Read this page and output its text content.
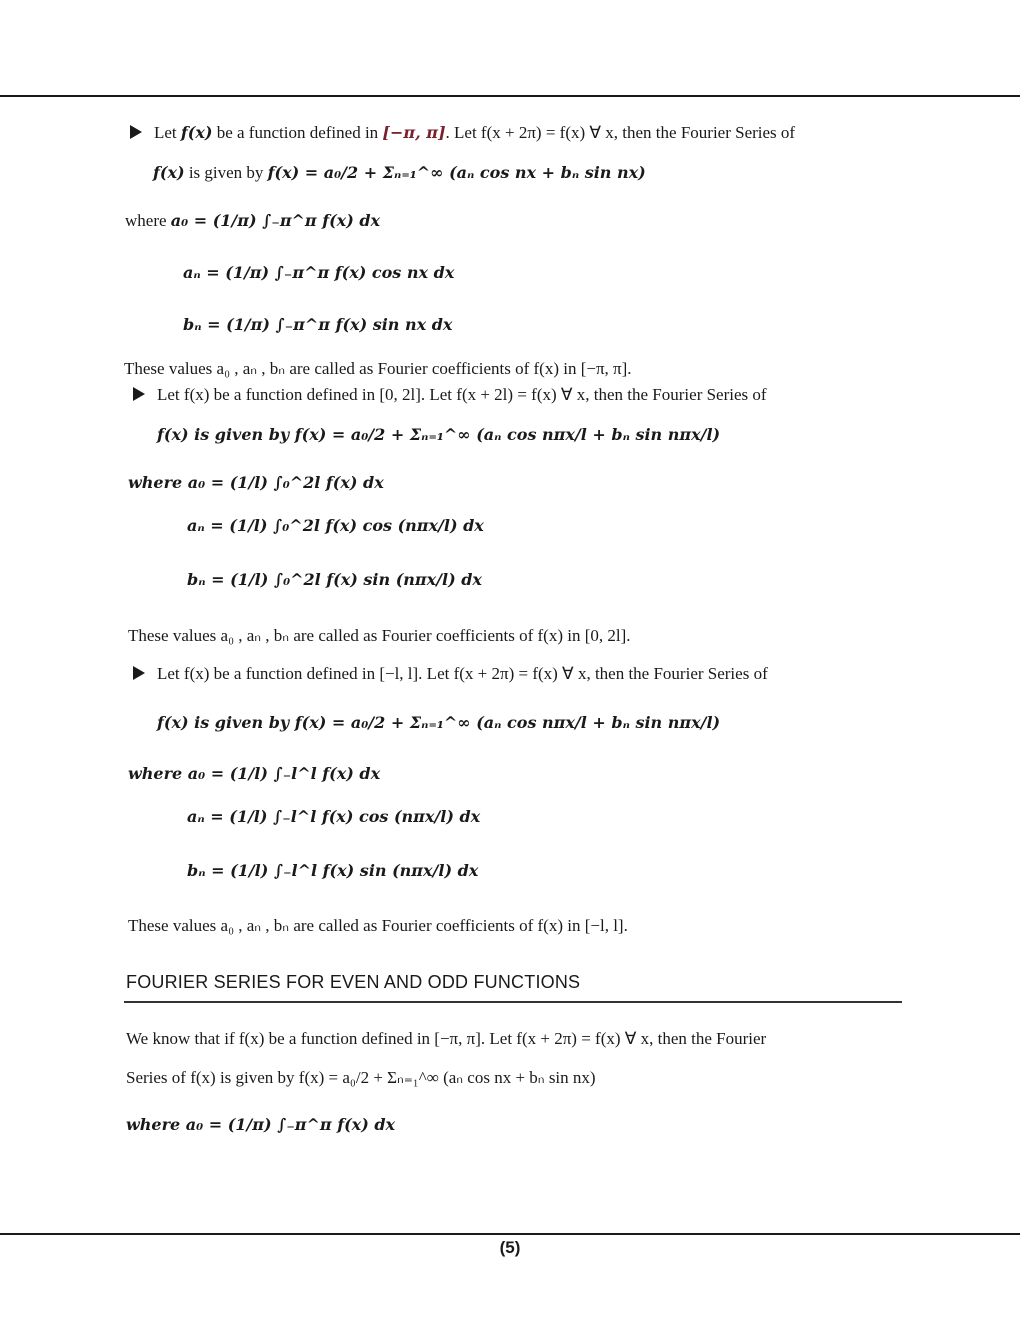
Let f(x) be a function defined in [−π, π]. Let f(x + 2π) = f(x) ∀ x, then the Fourier Series of
f(x) is given by f(x) = a₀/2 + Σₙ₌₁^∞ (aₙ cos nx + bₙ sin nx)
where a₀ = (1/π) ∫₋π^π f(x) dx
aₙ = (1/π) ∫₋π^π f(x) cos nx dx
bₙ = (1/π) ∫₋π^π f(x) sin nx dx
These values a₀ , aₙ , bₙ are called as Fourier coefficients of f(x) in [−π, π].
Let f(x) be a function defined in [0, 2l]. Let f(x + 2l) = f(x) ∀ x, then the Fourier Series of
f(x) is given by f(x) = a₀/2 + Σₙ₌₁^∞ (aₙ cos nπx/l + bₙ sin nπx/l)
where a₀ = (1/l) ∫₀^2l f(x) dx
aₙ = (1/l) ∫₀^2l f(x) cos (nπx/l) dx
bₙ = (1/l) ∫₀^2l f(x) sin (nπx/l) dx
These values a₀ , aₙ , bₙ are called as Fourier coefficients of f(x) in [0, 2l].
Let f(x) be a function defined in [−l, l]. Let f(x + 2π) = f(x) ∀ x, then the Fourier Series of
f(x) is given by f(x) = a₀/2 + Σₙ₌₁^∞ (aₙ cos nπx/l + bₙ sin nπx/l)
where a₀ = (1/l) ∫₋l^l f(x) dx
aₙ = (1/l) ∫₋l^l f(x) cos (nπx/l) dx
bₙ = (1/l) ∫₋l^l f(x) sin (nπx/l) dx
These values a₀ , aₙ , bₙ are called as Fourier coefficients of f(x) in [−l, l].
FOURIER SERIES FOR EVEN AND ODD FUNCTIONS
We know that if f(x) be a function defined in [−π, π]. Let f(x + 2π) = f(x) ∀ x, then the Fourier
Series of f(x) is given by f(x) = a₀/2 + Σₙ₌₁^∞ (aₙ cos nx + bₙ sin nx)
where a₀ = (1/π) ∫₋π^π f(x) dx
(5)
